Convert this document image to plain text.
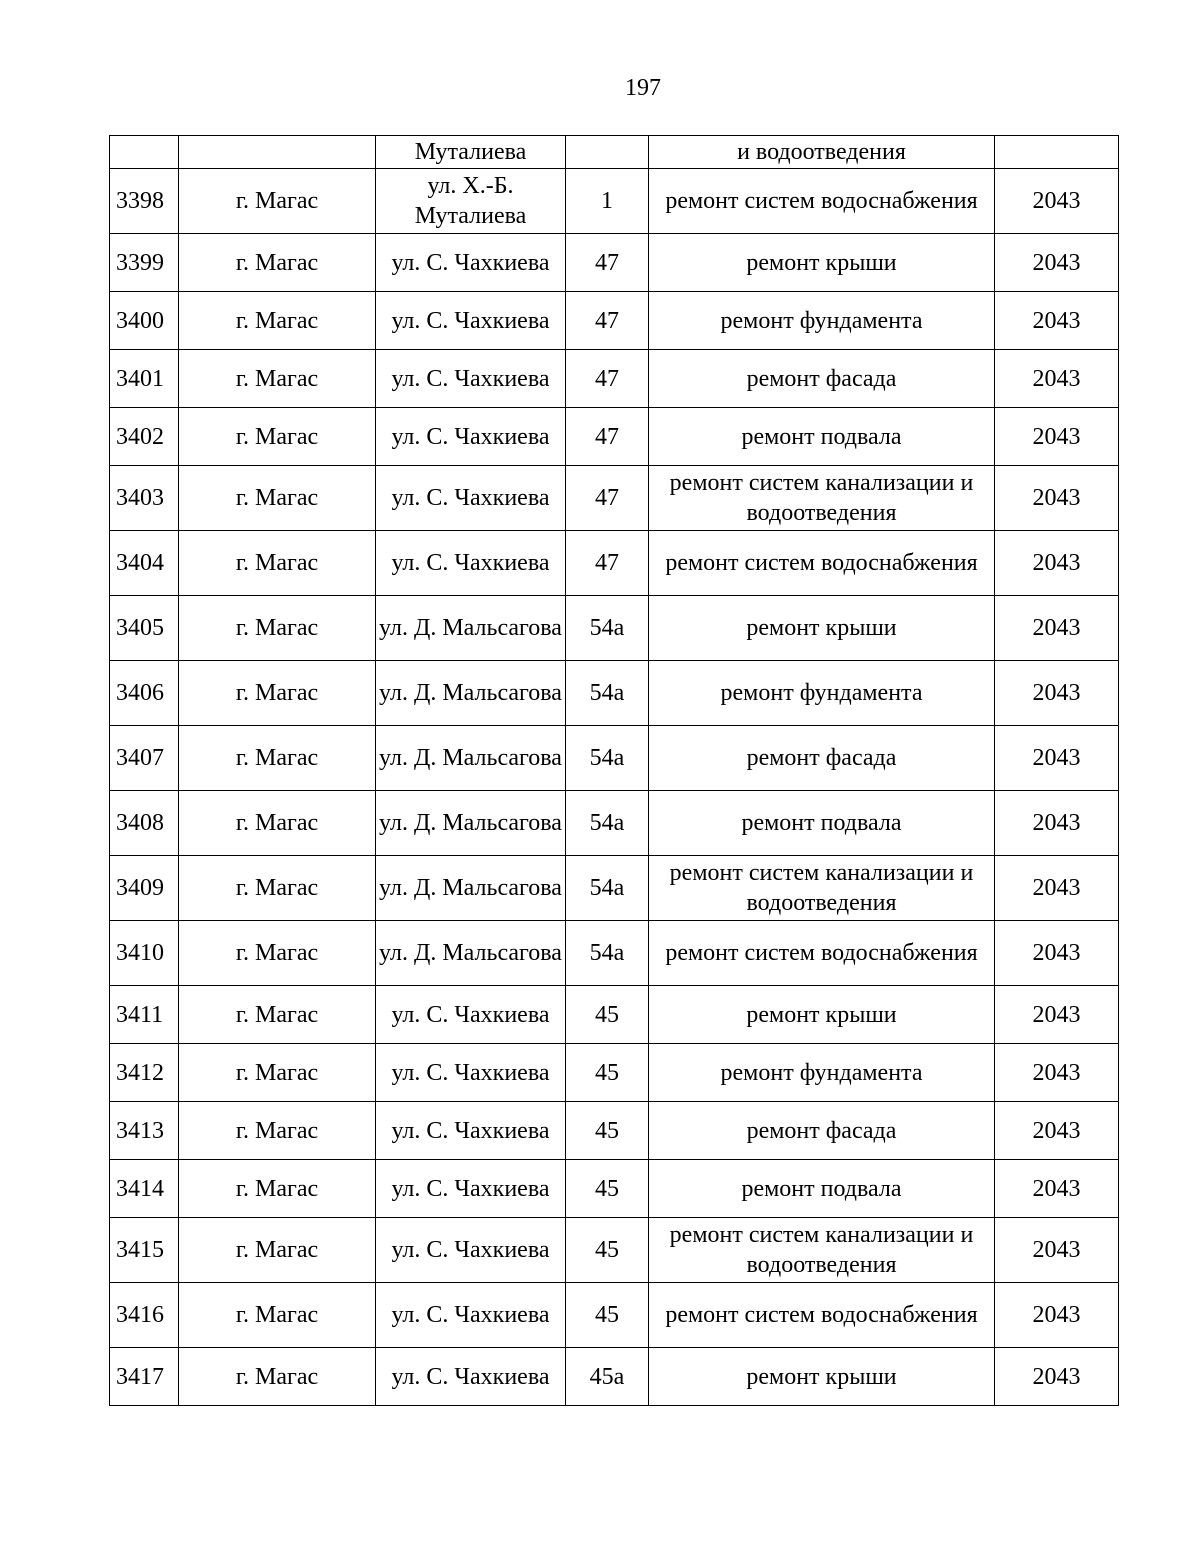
197
		Муталиева		и водоотведения	
3398	г. Магас	ул. Х.-Б. Муталиева	1	ремонт систем водоснабжения	2043
3399	г. Магас	ул. С. Чахкиева	47	ремонт крыши	2043
3400	г. Магас	ул. С. Чахкиева	47	ремонт фундамента	2043
3401	г. Магас	ул. С. Чахкиева	47	ремонт фасада	2043
3402	г. Магас	ул. С. Чахкиева	47	ремонт подвала	2043
3403	г. Магас	ул. С. Чахкиева	47	ремонт систем канализации и водоотведения	2043
3404	г. Магас	ул. С. Чахкиева	47	ремонт систем водоснабжения	2043
3405	г. Магас	ул. Д. Мальсагова	54а	ремонт крыши	2043
3406	г. Магас	ул. Д. Мальсагова	54а	ремонт фундамента	2043
3407	г. Магас	ул. Д. Мальсагова	54а	ремонт фасада	2043
3408	г. Магас	ул. Д. Мальсагова	54а	ремонт подвала	2043
3409	г. Магас	ул. Д. Мальсагова	54а	ремонт систем канализации и водоотведения	2043
3410	г. Магас	ул. Д. Мальсагова	54а	ремонт систем водоснабжения	2043
3411	г. Магас	ул. С. Чахкиева	45	ремонт крыши	2043
3412	г. Магас	ул. С. Чахкиева	45	ремонт фундамента	2043
3413	г. Магас	ул. С. Чахкиева	45	ремонт фасада	2043
3414	г. Магас	ул. С. Чахкиева	45	ремонт подвала	2043
3415	г. Магас	ул. С. Чахкиева	45	ремонт систем канализации и водоотведения	2043
3416	г. Магас	ул. С. Чахкиева	45	ремонт систем водоснабжения	2043
3417	г. Магас	ул. С. Чахкиева	45а	ремонт крыши	2043
